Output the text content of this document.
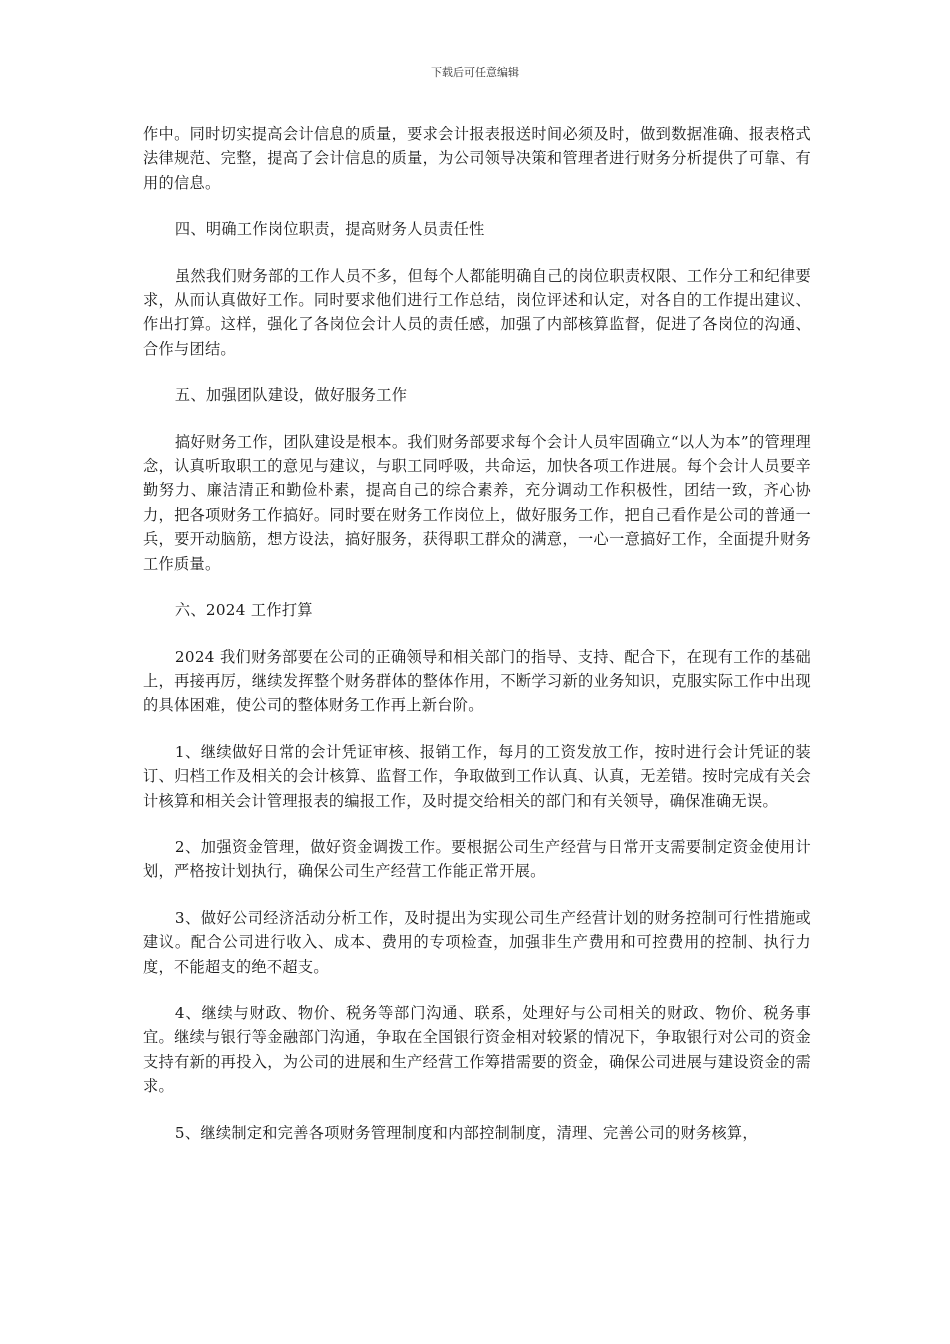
下载后可任意编辑

作中。同时切实提高会计信息的质量，要求会计报表报送时间必须及时，做到数据准确、报表格式法律规范、完整，提高了会计信息的质量，为公司领导决策和管理者进行财务分析提供了可靠、有用的信息。

四、明确工作岗位职责，提高财务人员责任性

虽然我们财务部的工作人员不多，但每个人都能明确自己的岗位职责权限、工作分工和纪律要求，从而认真做好工作。同时要求他们进行工作总结，岗位评述和认定，对各自的工作提出建议、作出打算。这样，强化了各岗位会计人员的责任感，加强了内部核算监督，促进了各岗位的沟通、合作与团结。

五、加强团队建设，做好服务工作

搞好财务工作，团队建设是根本。我们财务部要求每个会计人员牢固确立“以人为本”的管理理念，认真听取职工的意见与建议，与职工同呼吸，共命运，加快各项工作进展。每个会计人员要辛勤努力、廉洁清正和勤俭朴素，提高自己的综合素养，充分调动工作积极性，团结一致，齐心协力，把各项财务工作搞好。同时要在财务工作岗位上，做好服务工作，把自己看作是公司的普通一兵，要开动脑筋，想方设法，搞好服务，获得职工群众的满意，一心一意搞好工作，全面提升财务工作质量。

六、2024 工作打算

2024 我们财务部要在公司的正确领导和相关部门的指导、支持、配合下，在现有工作的基础上，再接再厉，继续发挥整个财务群体的整体作用，不断学习新的业务知识，克服实际工作中出现的具体困难，使公司的整体财务工作再上新台阶。

1、继续做好日常的会计凭证审核、报销工作，每月的工资发放工作，按时进行会计凭证的装订、归档工作及相关的会计核算、监督工作，争取做到工作认真、认真，无差错。按时完成有关会计核算和相关会计管理报表的编报工作，及时提交给相关的部门和有关领导，确保准确无误。

2、加强资金管理，做好资金调拨工作。要根据公司生产经营与日常开支需要制定资金使用计划，严格按计划执行，确保公司生产经营工作能正常开展。

3、做好公司经济活动分析工作，及时提出为实现公司生产经营计划的财务控制可行性措施或建议。配合公司进行收入、成本、费用的专项检查，加强非生产费用和可控费用的控制、执行力度，不能超支的绝不超支。

4、继续与财政、物价、税务等部门沟通、联系，处理好与公司相关的财政、物价、税务事宜。继续与银行等金融部门沟通，争取在全国银行资金相对较紧的情况下，争取银行对公司的资金支持有新的再投入，为公司的进展和生产经营工作筹措需要的资金，确保公司进展与建设资金的需求。

5、继续制定和完善各项财务管理制度和内部控制制度，清理、完善公司的财务核算，
